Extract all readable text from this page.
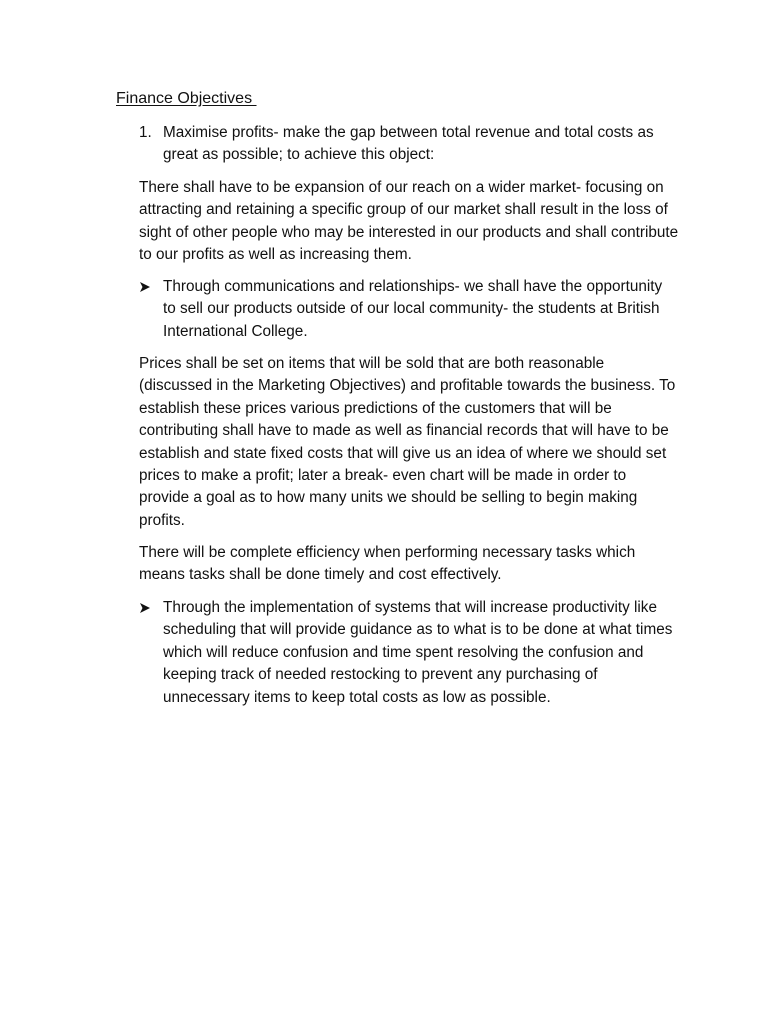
Finance Objectives
1. Maximise profits- make the gap between total revenue and total costs as great as possible; to achieve this object:
There shall have to be expansion of our reach on a wider market- focusing on attracting and retaining a specific group of our market shall result in the loss of sight of other people who may be interested in our products and shall contribute to our profits as well as increasing them.
Through communications and relationships- we shall have the opportunity to sell our products outside of our local community- the students at British International College.
Prices shall be set on items that will be sold that are both reasonable (discussed in the Marketing Objectives) and profitable towards the business. To establish these prices various predictions of the customers that will be contributing shall have to made as well as financial records that will have to be establish and state fixed costs that will give us an idea of where we should set prices to make a profit; later a break- even chart will be made in order to provide a goal as to how many units we should be selling to begin making profits.
There will be complete efficiency when performing necessary tasks which means tasks shall be done timely and cost effectively.
Through the implementation of systems that will increase productivity like scheduling that will provide guidance as to what is to be done at what times which will reduce confusion and time spent resolving the confusion and keeping track of needed restocking to prevent any purchasing of unnecessary items to keep total costs as low as possible.
